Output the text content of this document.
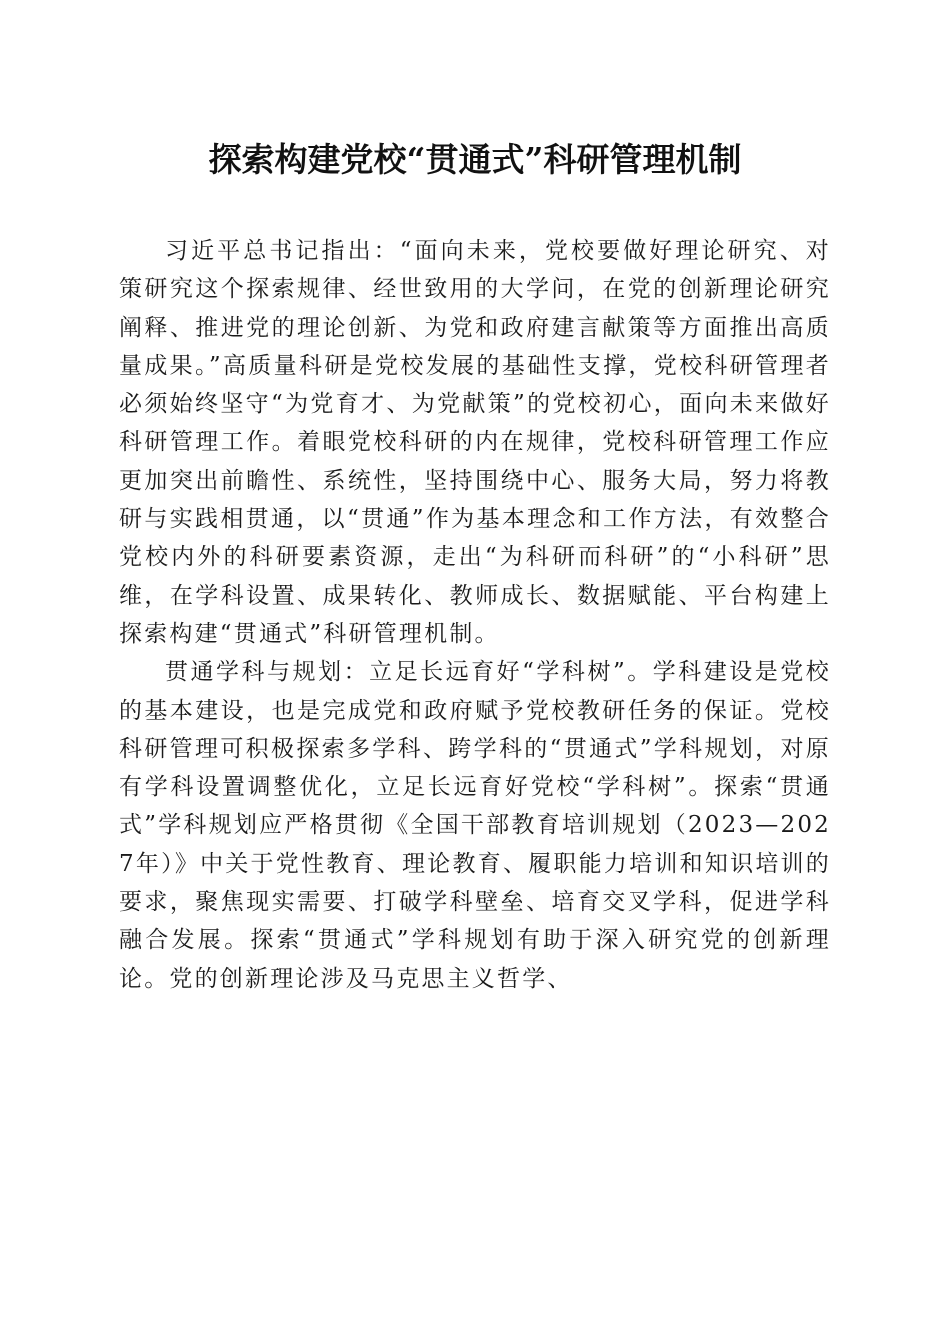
探索构建党校“贯通式”科研管理机制

习近平总书记指出：“面向未来，党校要做好理论研究、对策研究这个探索规律、经世致用的大学问，在党的创新理论研究阐释、推进党的理论创新、为党和政府建言献策等方面推出高质量成果。”高质量科研是党校发展的基础性支撑，党校科研管理者必须始终坚守“为党育才、为党献策”的党校初心，面向未来做好科研管理工作。着眼党校科研的内在规律，党校科研管理工作应更加突出前瞻性、系统性，坚持围绕中心、服务大局，努力将教研与实践相贯通，以“贯通”作为基本理念和工作方法，有效整合党校内外的科研要素资源，走出“为科研而科研”的“小科研”思维，在学科设置、成果转化、教师成长、数据赋能、平台构建上探索构建“贯通式”科研管理机制。

贯通学科与规划：立足长远育好“学科树”。学科建设是党校的基本建设，也是完成党和政府赋予党校教研任务的保证。党校科研管理可积极探索多学科、跨学科的“贯通式”学科规划，对原有学科设置调整优化，立足长远育好党校“学科树”。探索“贯通式”学科规划应严格贯彻《全国干部教育培训规划（2023—2027年）》中关于党性教育、理论教育、履职能力培训和知识培训的要求，聚焦现实需要、打破学科壁垒、培育交叉学科，促进学科融合发展。探索“贯通式”学科规划有助于深入研究党的创新理论。党的创新理论涉及马克思主义哲学、
